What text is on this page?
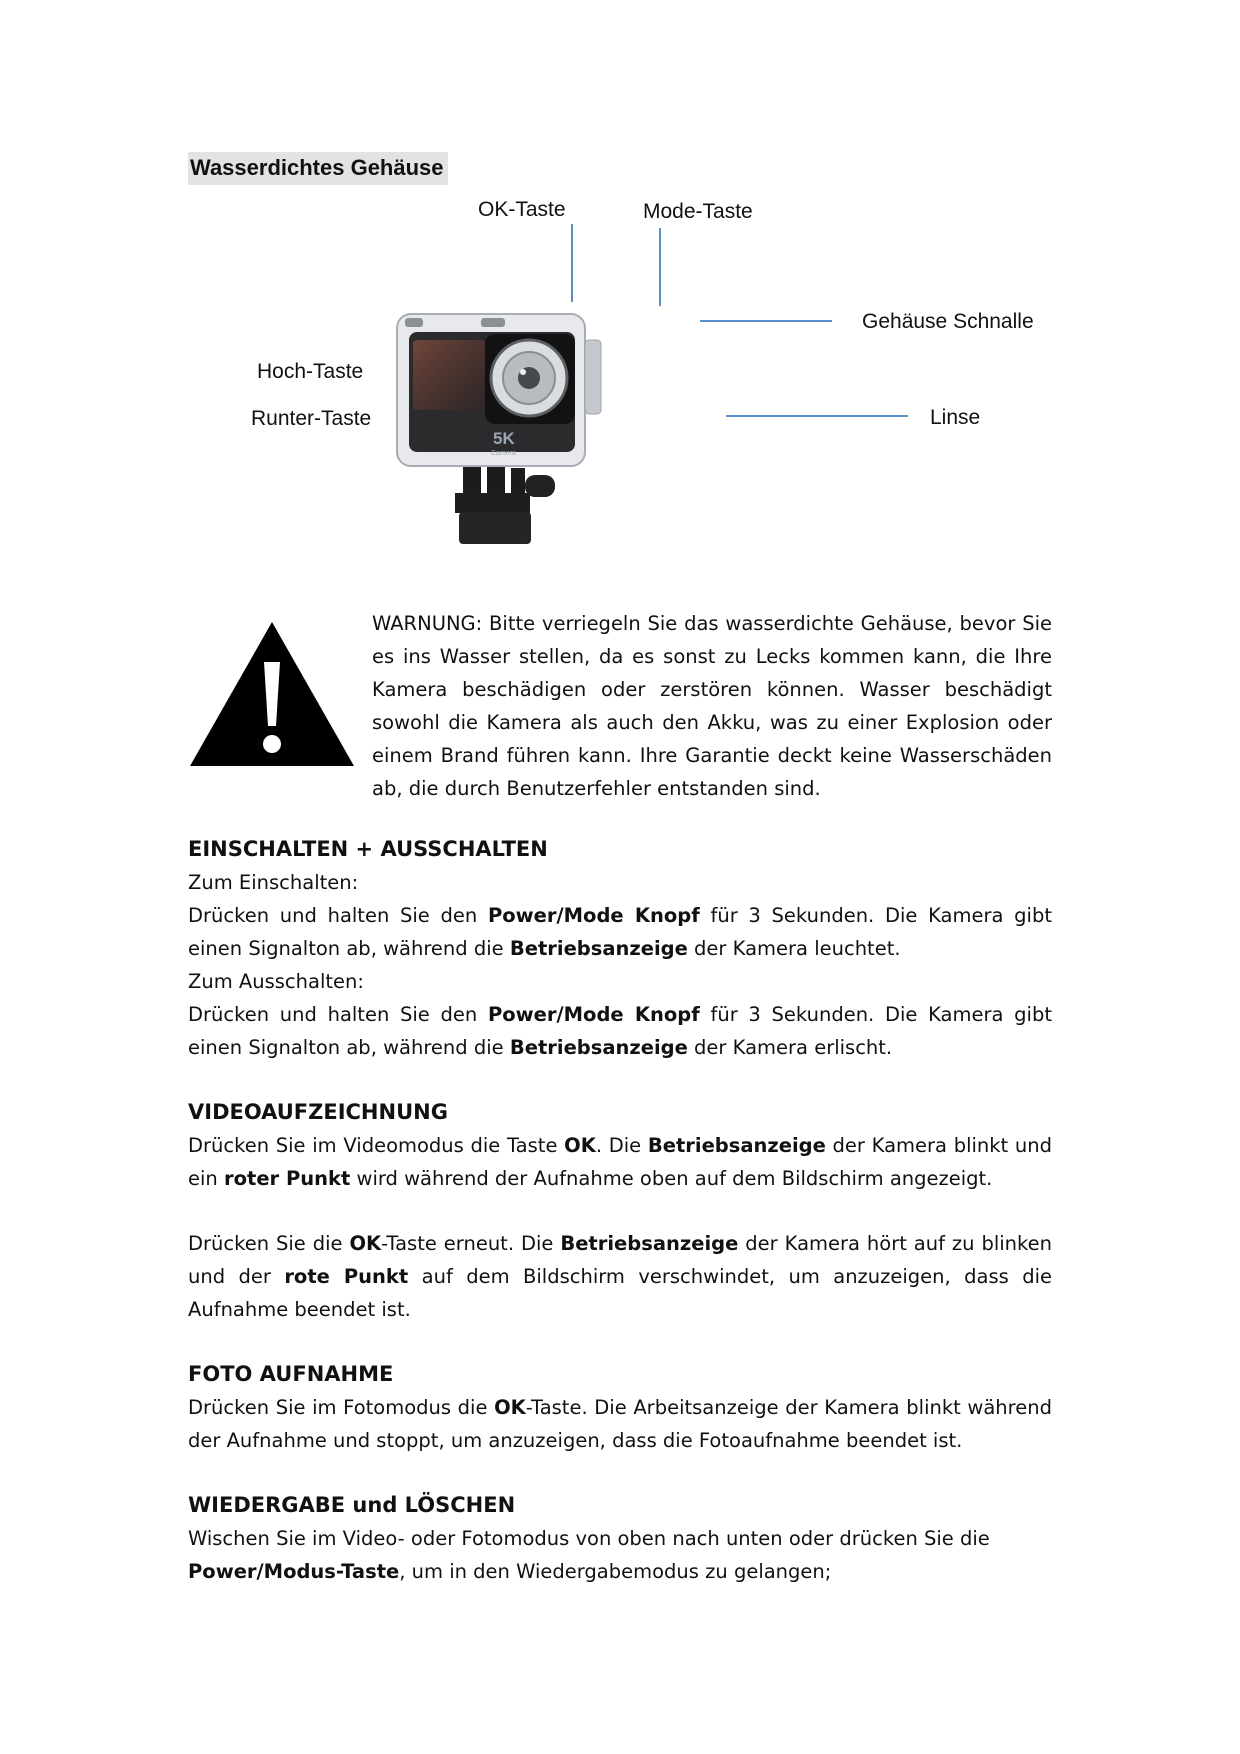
Wasserdichtes Gehäuse
OK-Taste	Mode-Taste
Gehäuse Schnalle
Hoch-Taste
Runter-Taste	Linse
5K
Camera
WARNUNG: Bitte verriegeln Sie das wasserdichte Gehäuse, bevor Sie es ins Wasser stellen, da es sonst zu Lecks kommen kann, die Ihre Kamera beschädigen oder zerstören können. Wasser beschädigt sowohl die Kamera als auch den Akku, was zu einer Explosion oder einem Brand führen kann. Ihre Garantie deckt keine Wasserschäden ab, die durch Benutzerfehler entstanden sind.
EINSCHALTEN + AUSSCHALTEN

Zum Einschalten:

Drücken und halten Sie den Power/Mode Knopf für 3 Sekunden. Die Kamera gibt einen Signalton ab, während die Betriebsanzeige der Kamera leuchtet.

Zum Ausschalten:

Drücken und halten Sie den Power/Mode Knopf für 3 Sekunden. Die Kamera gibt einen Signalton ab, während die Betriebsanzeige der Kamera erlischt.

VIDEOAUFZEICHNUNG

Drücken Sie im Videomodus die Taste OK. Die Betriebsanzeige der Kamera blinkt und ein roter Punkt wird während der Aufnahme oben auf dem Bildschirm angezeigt.

Drücken Sie die OK-Taste erneut. Die Betriebsanzeige der Kamera hört auf zu blinken und der rote Punkt auf dem Bildschirm verschwindet, um anzuzeigen, dass die Aufnahme beendet ist.

FOTO AUFNAHME

Drücken Sie im Fotomodus die OK-Taste. Die Arbeitsanzeige der Kamera blinkt während der Aufnahme und stoppt, um anzuzeigen, dass die Fotoaufnahme beendet ist.

WIEDERGABE und LÖSCHEN

Wischen Sie im Video- oder Fotomodus von oben nach unten oder drücken Sie die
Power/Modus-Taste, um in den Wiedergabemodus zu gelangen;
